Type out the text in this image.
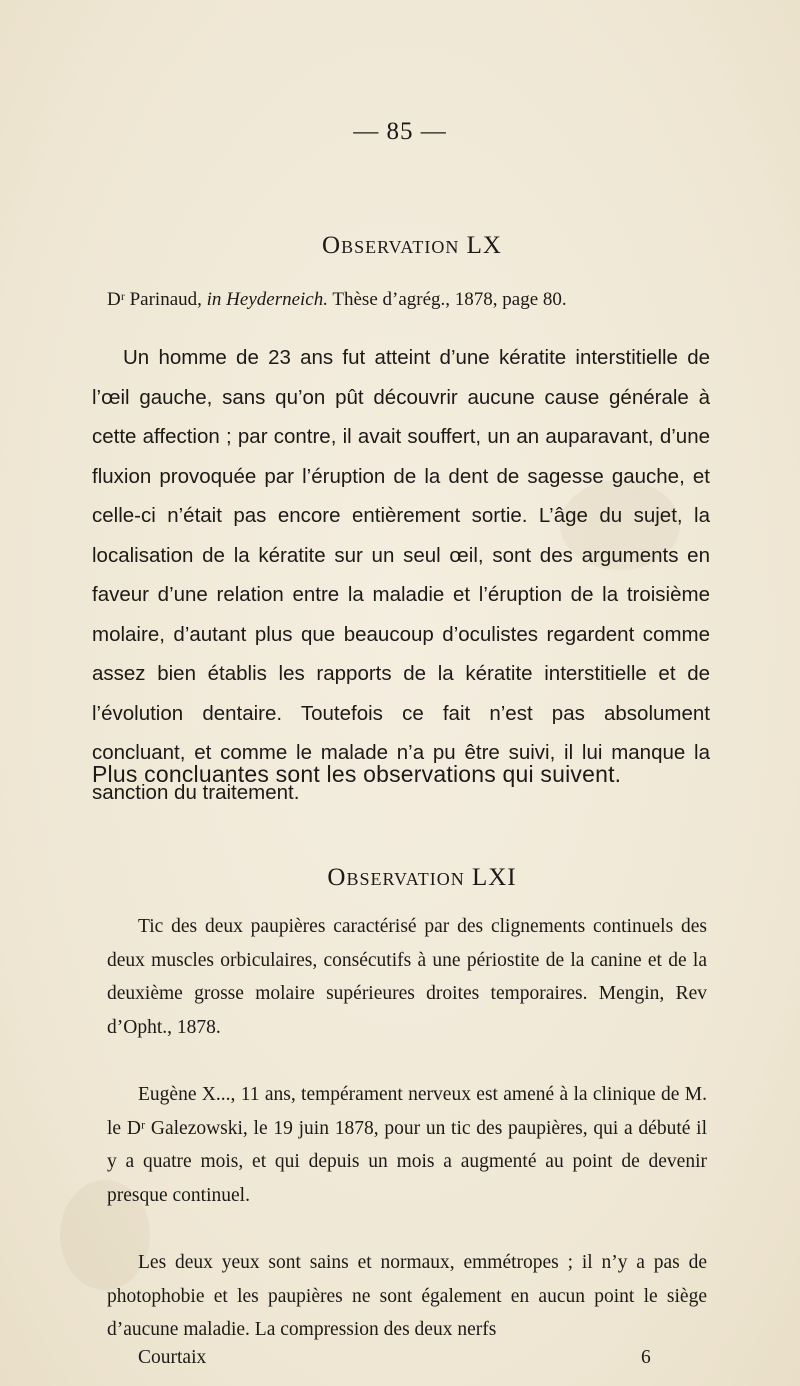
— 85 —
Observation LX
Dʳ Parinaud, in Heyderneich. Thèse d’agrég., 1878, page 80.
Un homme de 23 ans fut atteint d’une kératite interstitielle de l’œil gauche, sans qu’on pût découvrir aucune cause générale à cette affection ; par contre, il avait souffert, un an auparavant, d’une fluxion provoquée par l’éruption de la dent de sagesse gauche, et celle-ci n’était pas encore entièrement sortie. L’âge du sujet, la localisation de la kératite sur un seul œil, sont des arguments en faveur d’une relation entre la maladie et l’éruption de la troisième molaire, d’autant plus que beaucoup d’oculistes regardent comme assez bien établis les rapports de la kératite interstitielle et de l’évolution dentaire. Toutefois ce fait n’est pas absolument concluant, et comme le malade n’a pu être suivi, il lui manque la sanction du traitement.
Plus concluantes sont les observations qui suivent.
Observation LXI
Tic des deux paupières caractérisé par des clignements continuels des deux muscles orbiculaires, consécutifs à une périostite de la canine et de la deuxième grosse molaire supérieures droites temporaires. Mengin, Rev d’Opht., 1878.
Eugène X..., 11 ans, tempérament nerveux est amené à la clinique de M. le Dʳ Galezowski, le 19 juin 1878, pour un tic des paupières, qui a débuté il y a quatre mois, et qui depuis un mois a augmenté au point de devenir presque continuel.
Les deux yeux sont sains et normaux, emmétropes ; il n’y a pas de photophobie et les paupières ne sont également en aucun point le siège d’aucune maladie. La compression des deux nerfs
Courtaix	6
